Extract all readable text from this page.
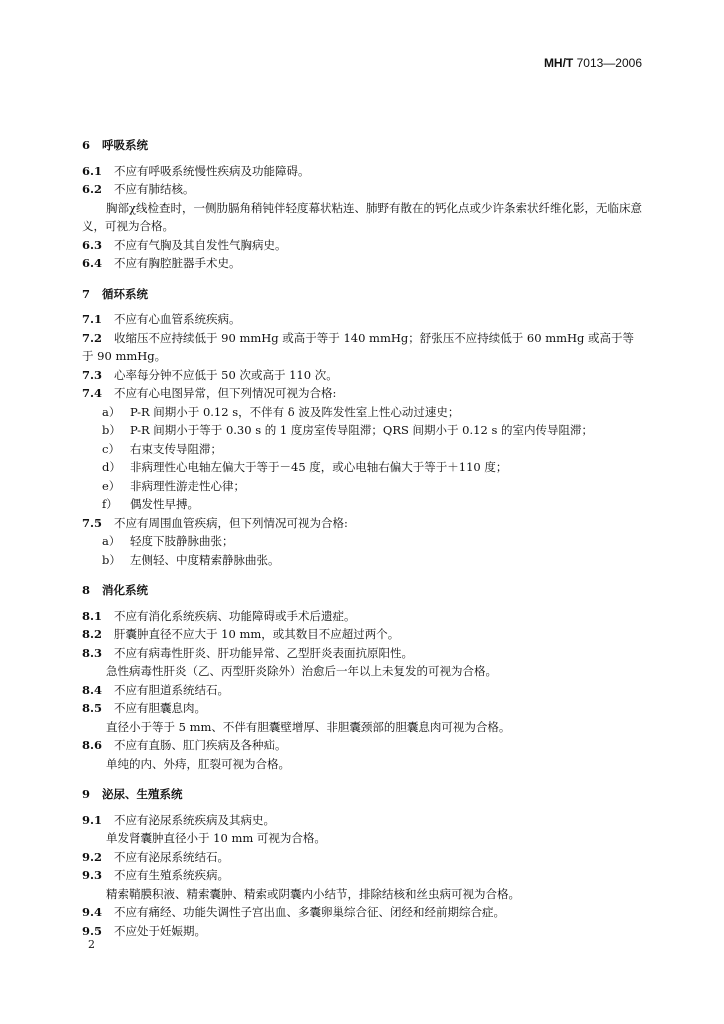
MH/T 7013—2006
6 呼吸系统
6.1 不应有呼吸系统慢性疾病及功能障碍。
6.2 不应有肺结核。
胸部χ线检查时，一侧肋膈角稍钝伴轻度幕状粘连、肺野有散在的钙化点或少许条索状纤维化影，无临床意义，可视为合格。
6.3 不应有气胸及其自发性气胸病史。
6.4 不应有胸腔脏器手术史。
7 循环系统
7.1 不应有心血管系统疾病。
7.2 收缩压不应持续低于 90 mmHg 或高于等于 140 mmHg；舒张压不应持续低于 60 mmHg 或高于等于 90 mmHg。
7.3 心率每分钟不应低于 50 次或高于 110 次。
7.4 不应有心电图异常，但下列情况可视为合格:
a） P-R 间期小于 0.12 s，不伴有 δ 波及阵发性室上性心动过速史；
b） P-R 间期小于等于 0.30 s 的 1 度房室传导阻滞；QRS 间期小于 0.12 s 的室内传导阻滞；
c） 右束支传导阻滞；
d） 非病理性心电轴左偏大于等于－45 度，或心电轴右偏大于等于＋110 度；
e） 非病理性游走性心律；
f） 偶发性早搏。
7.5 不应有周围血管疾病，但下列情况可视为合格:
a） 轻度下肢静脉曲张；
b） 左侧轻、中度精索静脉曲张。
8 消化系统
8.1 不应有消化系统疾病、功能障碍或手术后遗症。
8.2 肝囊肿直径不应大于 10 mm，或其数目不应超过两个。
8.3 不应有病毒性肝炎、肝功能异常、乙型肝炎表面抗原阳性。
急性病毒性肝炎（乙、丙型肝炎除外）治愈后一年以上未复发的可视为合格。
8.4 不应有胆道系统结石。
8.5 不应有胆囊息肉。
直径小于等于 5 mm、不伴有胆囊壁增厚、非胆囊颈部的胆囊息肉可视为合格。
8.6 不应有直肠、肛门疾病及各种疝。
单纯的内、外痔，肛裂可视为合格。
9 泌尿、生殖系统
9.1 不应有泌尿系统疾病及其病史。
单发肾囊肿直径小于 10 mm 可视为合格。
9.2 不应有泌尿系统结石。
9.3 不应有生殖系统疾病。
精索鞘膜积液、精索囊肿、精索或阴囊内小结节，排除结核和丝虫病可视为合格。
9.4 不应有痛经、功能失调性子宫出血、多囊卵巢综合征、闭经和经前期综合症。
9.5 不应处于妊娠期。
2
